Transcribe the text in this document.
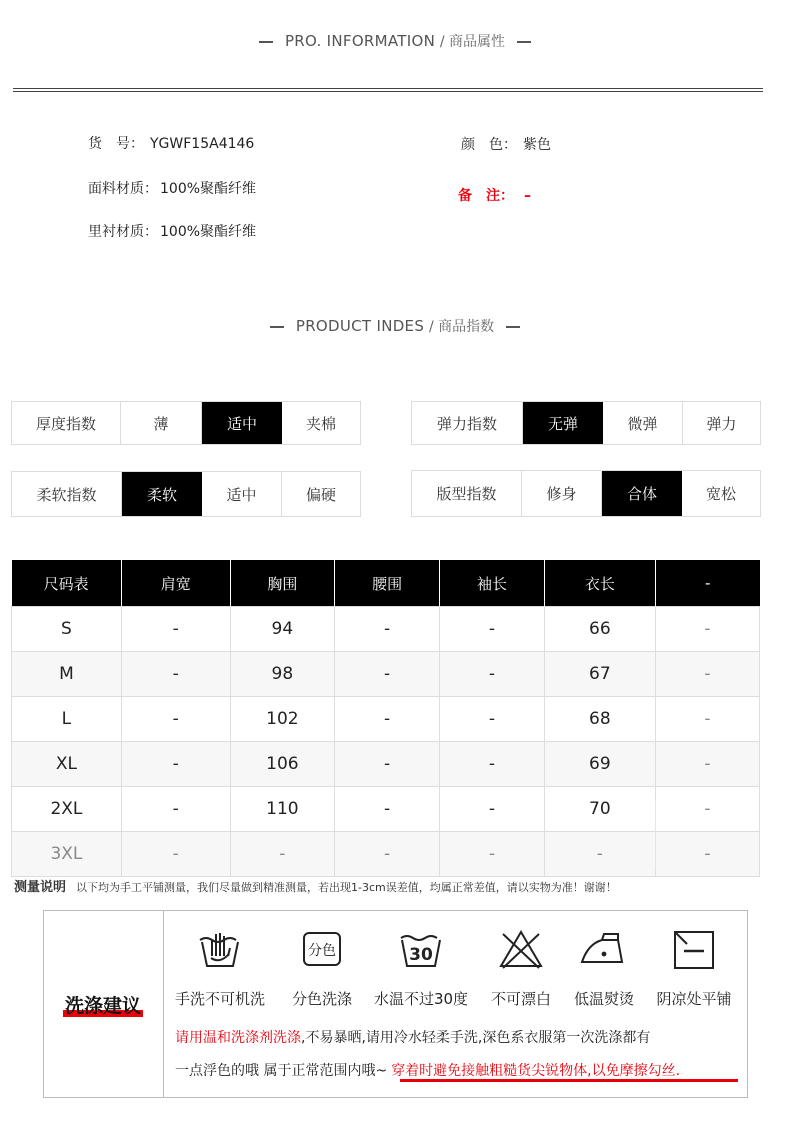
PRO. INFORMATION / 商品属性
货　号： YGWF15A4146	颜　色： 紫色
面料材质： 100%聚酯纤维	备　注： –
里衬材质： 100%聚酯纤维
PRODUCT INDES / 商品指数
厚度指数	薄	适中	夹棉	弹力指数	无弹	微弹	弹力
柔软指数	柔软	适中	偏硬	版型指数	修身	合体	宽松
尺码表	肩宽	胸围	腰围	袖长	衣长	-
S	-	94	-	-	66	-
M	-	98	-	-	67	-
L	-	102	-	-	68	-
XL	-	106	-	-	69	-
2XL	-	110	-	-	70	-
3XL	-	-	-	-	-	-
测量说明 以下均为手工平铺测量，我们尽量做到精准测量，若出现1-3cm误差值，均属正常差值，请以实物为准！谢谢！
洗涤建议 手洗不可机洗
分色
分色洗涤
30
水温不过30度	不可漂白	低温熨烫	阴凉处平铺
请用温和洗涤剂洗涤,不易暴晒,请用冷水轻柔手洗,深色系衣服第一次洗涤都有
一点浮色的哦 属于正常范围内哦~ 穿着时避免接触粗糙货尖锐物体,以免摩擦勾丝.
